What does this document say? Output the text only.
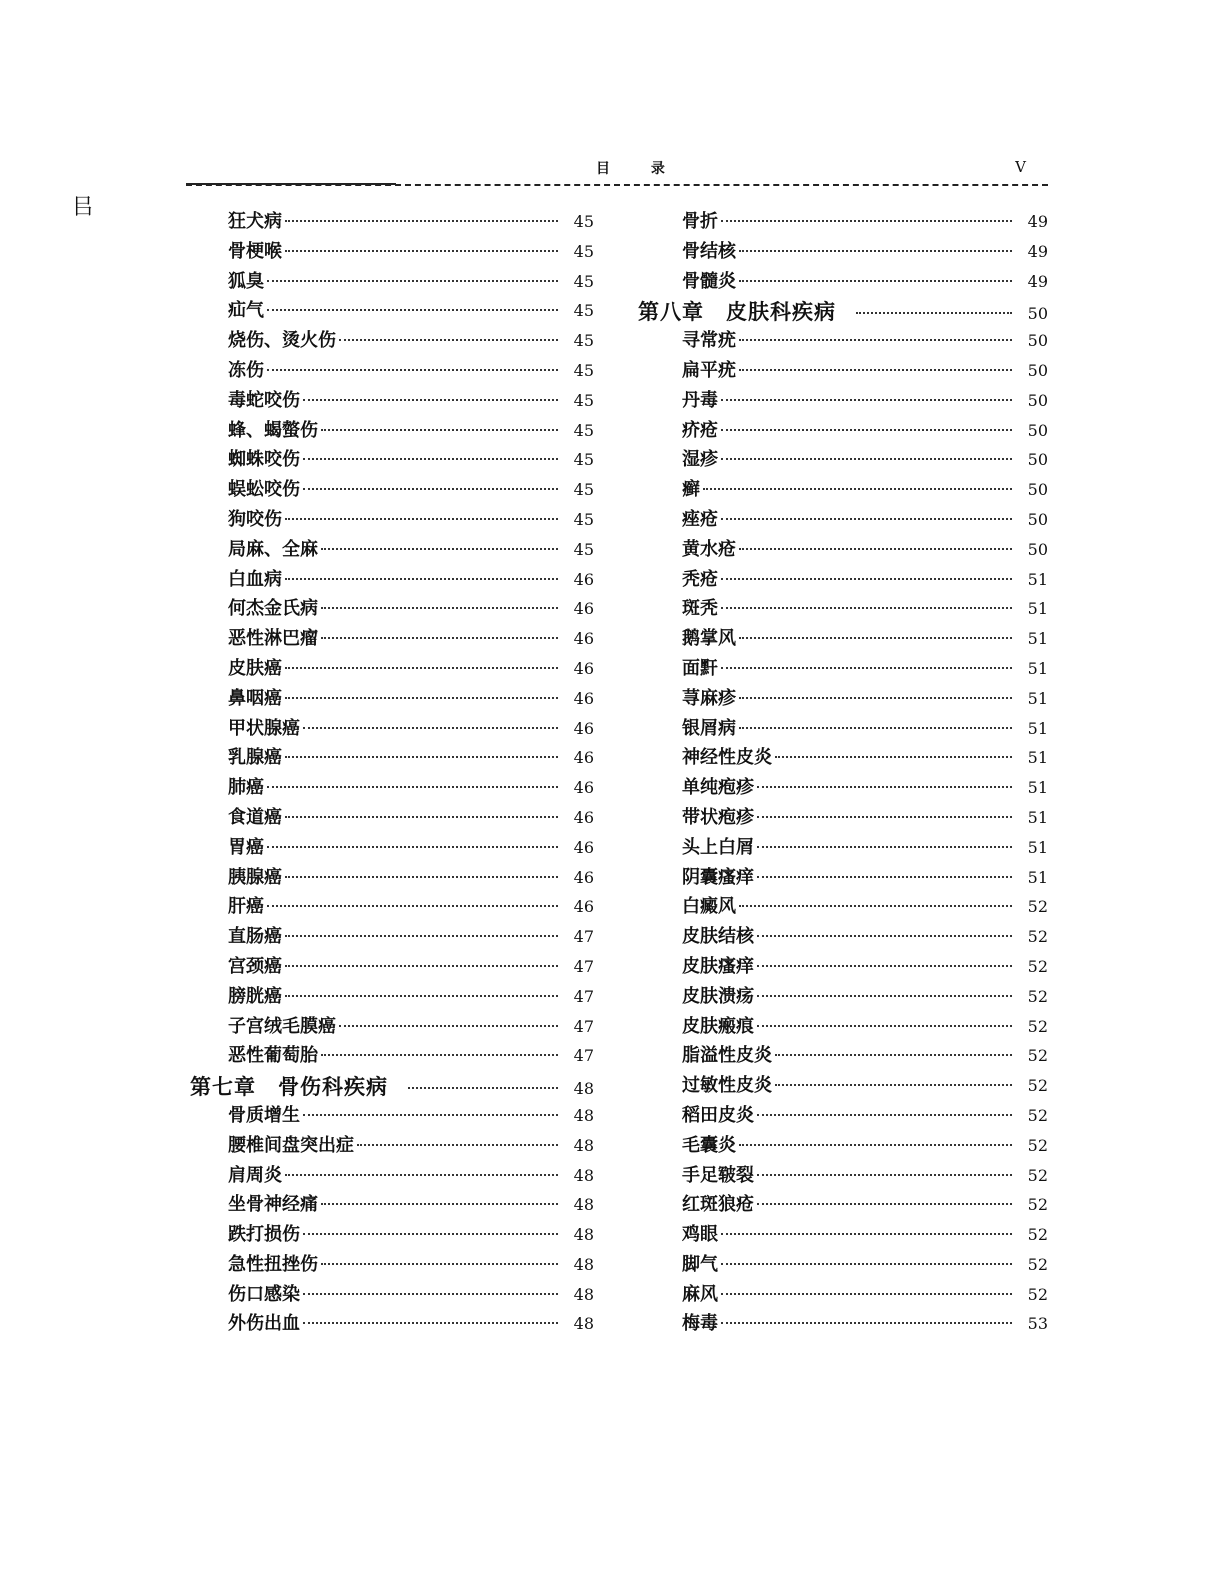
㠯
目 录	V
狂犬病	45
骨梗喉	45
狐臭	45
疝气	45
烧伤、烫火伤	45
冻伤	45
毒蛇咬伤	45
蜂、蝎螫伤	45
蜘蛛咬伤	45
蜈蚣咬伤	45
狗咬伤	45
局麻、全麻	45
白血病	46
何杰金氏病	46
恶性淋巴瘤	46
皮肤癌	46
鼻咽癌	46
甲状腺癌	46
乳腺癌	46
肺癌	46
食道癌	46
胃癌	46
胰腺癌	46
肝癌	46
直肠癌	47
宫颈癌	47
膀胱癌	47
子宫绒毛膜癌	47
恶性葡萄胎	47
第七章　骨伤科疾病	48
骨质增生	48
腰椎间盘突出症	48
肩周炎	48
坐骨神经痛	48
跌打损伤	48
急性扭挫伤	48
伤口感染	48
外伤出血	48
骨折	49
骨结核	49
骨髓炎	49
第八章　皮肤科疾病	50
寻常疣	50
扁平疣	50
丹毒	50
疥疮	50
湿疹	50
癣	50
痤疮	50
黄水疮	50
秃疮	51
斑秃	51
鹅掌风	51
面䵟	51
荨麻疹	51
银屑病	51
神经性皮炎	51
单纯疱疹	51
带状疱疹	51
头上白屑	51
阴囊瘙痒	51
白癜风	52
皮肤结核	52
皮肤瘙痒	52
皮肤溃疡	52
皮肤瘢痕	52
脂溢性皮炎	52
过敏性皮炎	52
稻田皮炎	52
毛囊炎	52
手足皲裂	52
红斑狼疮	52
鸡眼	52
脚气	52
麻风	52
梅毒	53
